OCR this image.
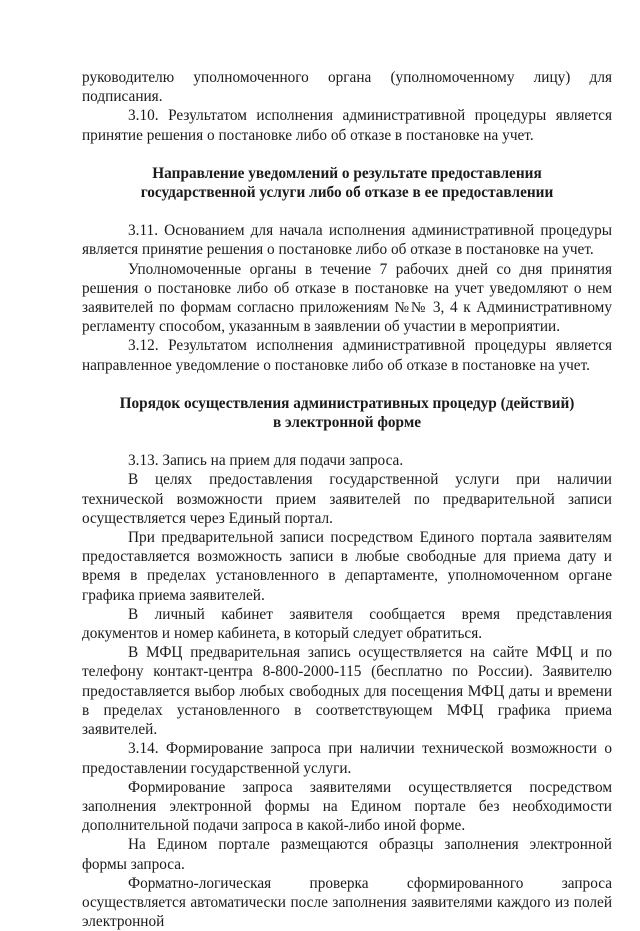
руководителю уполномоченного органа (уполномоченному лицу) для подписания.

3.10. Результатом исполнения административной процедуры является принятие решения о постановке либо об отказе в постановке на учет.

Направление уведомлений о результате предоставления
государственной услуги либо об отказе в ее предоставлении

3.11. Основанием для начала исполнения административной процедуры является принятие решения о постановке либо об отказе в постановке на учет.

Уполномоченные органы в течение 7 рабочих дней со дня принятия решения о постановке либо об отказе в постановке на учет уведомляют о нем заявителей по формам согласно приложениям №№ 3, 4 к Административному регламенту способом, указанным в заявлении об участии в мероприятии.

3.12. Результатом исполнения административной процедуры является направленное уведомление о постановке либо об отказе в постановке на учет.

Порядок осуществления административных процедур (действий)
в электронной форме

3.13. Запись на прием для подачи запроса.

В целях предоставления государственной услуги при наличии технической возможности прием заявителей по предварительной записи осуществляется через Единый портал.

При предварительной записи посредством Единого портала заявителям предоставляется возможность записи в любые свободные для приема дату и время в пределах установленного в департаменте, уполномоченном органе графика приема заявителей.

В личный кабинет заявителя сообщается время представления документов и номер кабинета, в который следует обратиться.

В МФЦ предварительная запись осуществляется на сайте МФЦ и по телефону контакт-центра 8-800-2000-115 (бесплатно по России). Заявителю предоставляется выбор любых свободных для посещения МФЦ даты и времени в пределах установленного в соответствующем МФЦ графика приема заявителей.

3.14. Формирование запроса при наличии технической возможности о предоставлении государственной услуги.

Формирование запроса заявителями осуществляется посредством заполнения электронной формы на Едином портале без необходимости дополнительной подачи запроса в какой-либо иной форме.

На Едином портале размещаются образцы заполнения электронной формы запроса.

Форматно-логическая проверка сформированного запроса осуществляется автоматически после заполнения заявителями каждого из полей электронной
